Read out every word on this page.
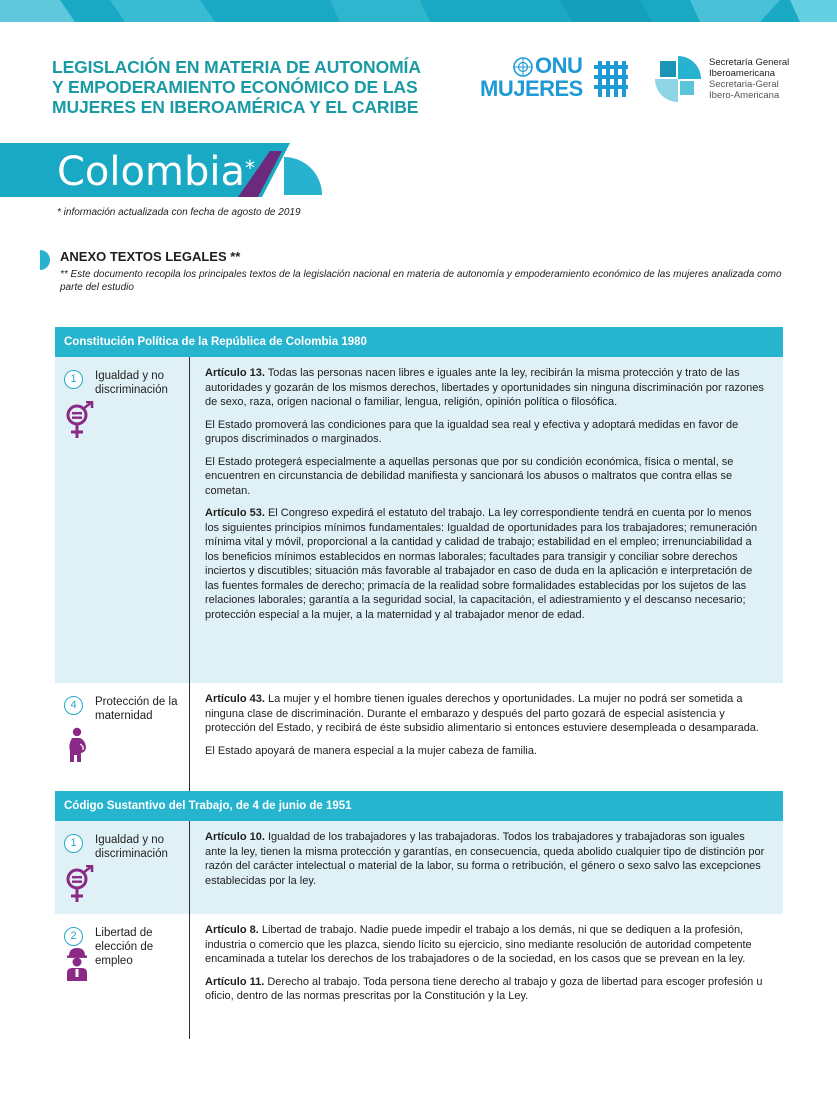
LEGISLACIÓN EN MATERIA DE AUTONOMÍA
Y EMPODERAMIENTO ECONÓMICO DE LAS
MUJERES EN IBEROAMÉRICA Y EL CARIBE
ONU
MUJERES
Secretaría General
Iberoamericana
Secretaria-Geral
Ibero-Americana
Colombia*
* información actualizada con fecha de agosto de 2019
ANEXO TEXTOS LEGALES **
** Este documento recopila los principales textos de la legislación nacional en materia de autonomía y empoderamiento económico de las mujeres analizada como parte del estudio
Constitución Política de la República de Colombia 1980
1	Igualdad y no discriminación

Artículo 13. Todas las personas nacen libres e iguales ante la ley, recibirán la misma protección y trato de las autoridades y gozarán de los mismos derechos, libertades y oportunidades sin ninguna discriminación por razones de sexo, raza, origen nacional o familiar, lengua, religión, opinión política o filosófica.

El Estado promoverá las condiciones para que la igualdad sea real y efectiva y adoptará medidas en favor de grupos discriminados o marginados.

El Estado protegerá especialmente a aquellas personas que por su condición económica, física o mental, se encuentren en circunstancia de debilidad manifiesta y sancionará los abusos o maltratos que contra ellas se cometan.

Artículo 53. El Congreso expedirá el estatuto del trabajo. La ley correspondiente tendrá en cuenta por lo menos los siguientes principios mínimos fundamentales: Igualdad de oportunidades para los trabajadores; remuneración mínima vital y móvil, proporcional a la cantidad y calidad de trabajo; estabilidad en el empleo; irrenunciabilidad a los beneficios mínimos establecidos en normas laborales; facultades para transigir y conciliar sobre derechos inciertos y discutibles; situación más favorable al trabajador en caso de duda en la aplicación e interpretación de las fuentes formales de derecho; primacía de la realidad sobre formalidades establecidas por los sujetos de las relaciones laborales; garantía a la seguridad social, la capacitación, el adiestramiento y el descanso necesario; protección especial a la mujer, a la maternidad y al trabajador menor de edad.

4	Protección de la maternidad

Artículo 43. La mujer y el hombre tienen iguales derechos y oportunidades. La mujer no podrá ser sometida a ninguna clase de discriminación. Durante el embarazo y después del parto gozará de especial asistencia y protección del Estado, y recibirá de éste subsidio alimentario si entonces estuviere desempleada o desamparada.

El Estado apoyará de manera especial a la mujer cabeza de familia.

Código Sustantivo del Trabajo, de 4 de junio de 1951
1	Igualdad y no discriminación

Artículo 10. Igualdad de los trabajadores y las trabajadoras. Todos los trabajadores y trabajadoras son iguales ante la ley, tienen la misma protección y garantías, en consecuencia, queda abolido cualquier tipo de distinción por razón del carácter intelectual o material de la labor, su forma o retribución, el género o sexo salvo las excepciones establecidas por la ley.

2	Libertad de elección de empleo

Artículo 8. Libertad de trabajo. Nadie puede impedir el trabajo a los demás, ni que se dediquen a la profesión, industria o comercio que les plazca, siendo lícito su ejercicio, sino mediante resolución de autoridad competente encaminada a tutelar los derechos de los trabajadores o de la sociedad, en los casos que se prevean en la ley.

Artículo 11. Derecho al trabajo. Toda persona tiene derecho al trabajo y goza de libertad para escoger profesión u oficio, dentro de las normas prescritas por la Constitución y la Ley.
